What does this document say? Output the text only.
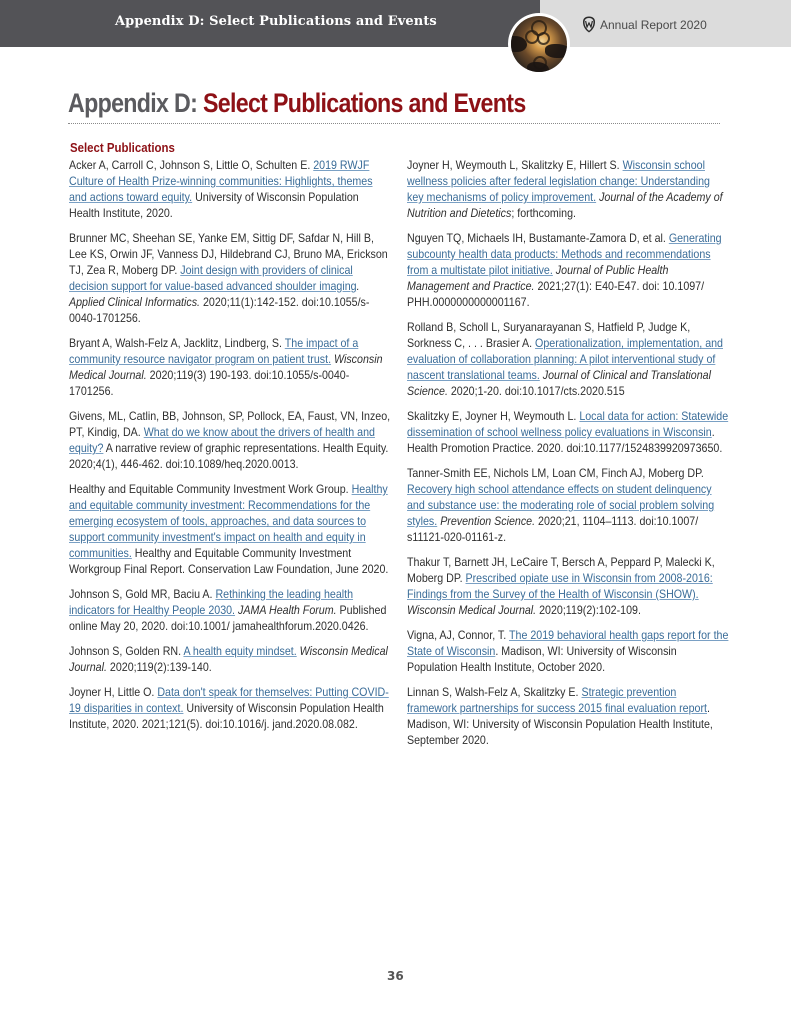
Appendix D: Select Publications and Events	Annual Report 2020
Appendix D: Select Publications and Events
Select Publications

Acker A, Carroll C, Johnson S, Little O, Schulten E. 2019 RWJF Culture of Health Prize-winning communities: Highlights, themes and actions toward equity. University of Wisconsin Population Health Institute, 2020.

Brunner MC, Sheehan SE, Yanke EM, Sittig DF, Safdar N, Hill B, Lee KS, Orwin JF, Vanness DJ, Hildebrand CJ, Bruno MA, Erickson TJ, Zea R, Moberg DP. Joint design with providers of clinical decision support for value-based advanced shoulder imaging. Applied Clinical Informatics. 2020;11(1):142-152. doi:10.1055/s-0040-1701256.

Bryant A, Walsh-Felz A, Jacklitz, Lindberg, S. The impact of a community resource navigator program on patient trust. Wisconsin Medical Journal. 2020;119(3) 190-193. doi:10.1055/s-0040-1701256.

Givens, ML, Catlin, BB, Johnson, SP, Pollock, EA, Faust, VN, Inzeo, PT, Kindig, DA. What do we know about the drivers of health and equity? A narrative review of graphic representations. Health Equity. 2020;4(1), 446-462. doi:10.1089/heq.2020.0013.

Healthy and Equitable Community Investment Work Group. Healthy and equitable community investment: Recommendations for the emerging ecosystem of tools, approaches, and data sources to support community investment's impact on health and equity in communities. Healthy and Equitable Community Investment Workgroup Final Report. Conservation Law Foundation, June 2020.

Johnson S, Gold MR, Baciu A. Rethinking the leading health indicators for Healthy People 2030. JAMA Health Forum. Published online May 20, 2020. doi:10.1001/ jamahealthforum.2020.0426.

Johnson S, Golden RN. A health equity mindset. Wisconsin Medical Journal. 2020;119(2):139-140.

Joyner H, Little O. Data don't speak for themselves: Putting COVID-19 disparities in context. University of Wisconsin Population Health Institute, 2020. 2021;121(5). doi:10.1016/j. jand.2020.08.082.

Joyner H, Weymouth L, Skalitzky E, Hillert S. Wisconsin school wellness policies after federal legislation change: Understanding key mechanisms of policy improvement. Journal of the Academy of Nutrition and Dietetics; forthcoming.

Nguyen TQ, Michaels IH, Bustamante-Zamora D, et al. Generating subcounty health data products: Methods and recommendations from a multistate pilot initiative. Journal of Public Health Management and Practice. 2021;27(1): E40-E47. doi: 10.1097/ PHH.0000000000001167.

Rolland B, Scholl L, Suryanarayanan S, Hatfield P, Judge K, Sorkness C, . . . Brasier A. Operationalization, implementation, and evaluation of collaboration planning: A pilot interventional study of nascent translational teams. Journal of Clinical and Translational Science. 2020;1-20. doi:10.1017/cts.2020.515

Skalitzky E, Joyner H, Weymouth L. Local data for action: Statewide dissemination of school wellness policy evaluations in Wisconsin. Health Promotion Practice. 2020. doi:10.1177/1524839920973650.

Tanner-Smith EE, Nichols LM, Loan CM, Finch AJ, Moberg DP. Recovery high school attendance effects on student delinquency and substance use: the moderating role of social problem solving styles. Prevention Science. 2020;21, 1104–1113. doi:10.1007/ s11121-020-01161-z.

Thakur T, Barnett JH, LeCaire T, Bersch A, Peppard P, Malecki K, Moberg DP. Prescribed opiate use in Wisconsin from 2008-2016: Findings from the Survey of the Health of Wisconsin (SHOW). Wisconsin Medical Journal. 2020;119(2):102-109.

Vigna, AJ, Connor, T. The 2019 behavioral health gaps report for the State of Wisconsin. Madison, WI: University of Wisconsin Population Health Institute, October 2020.

Linnan S, Walsh-Felz A, Skalitzky E. Strategic prevention framework partnerships for success 2015 final evaluation report. Madison, WI: University of Wisconsin Population Health Institute, September 2020.

36
